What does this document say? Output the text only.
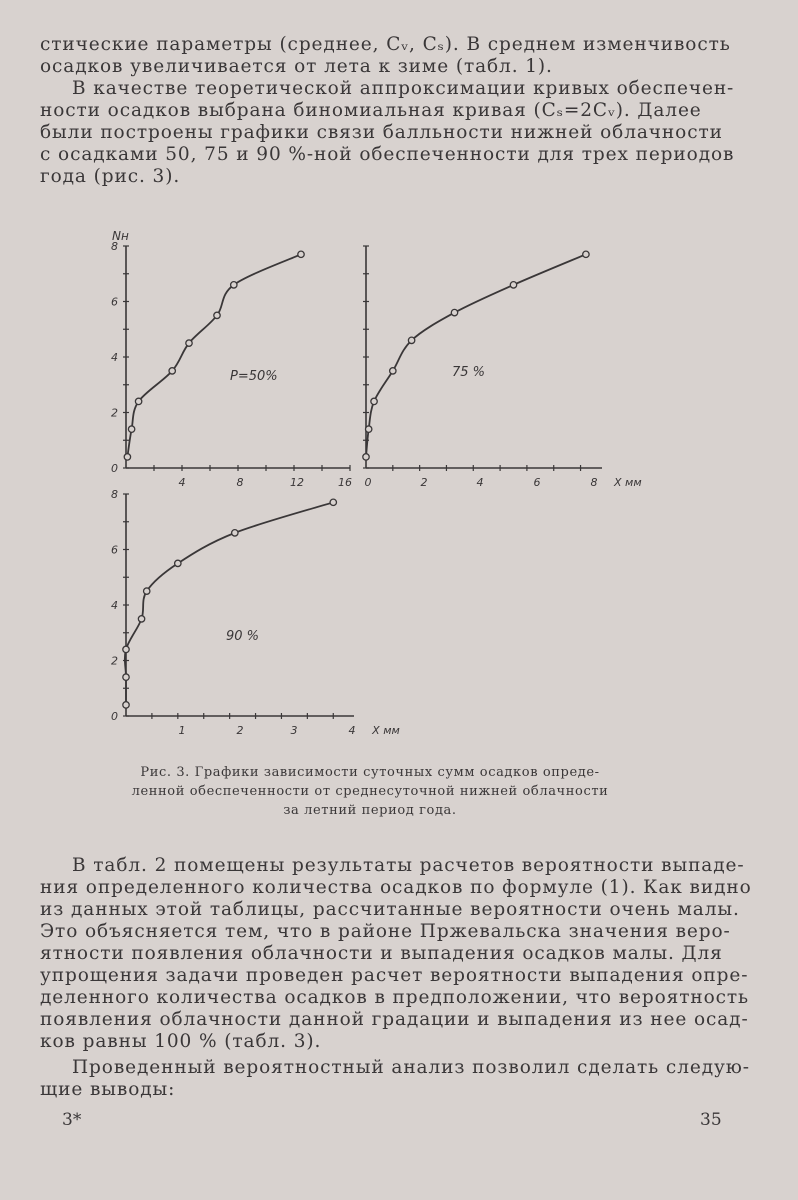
стические параметры (среднее, Cᵥ, Cₛ). В среднем изменчивость
осадков увеличивается от лета к зиме (табл. 1).

В качестве теоретической аппроксимации кривых обеспечен-
ности осадков выбрана биномиальная кривая (Cₛ=2Cᵥ). Далее
были построены графики связи балльности нижней облачности
с осадками 50, 75 и 90 %-ной обеспеченности для трех периодов
года (рис. 3).

Nн
0
2
4
6
8
4	8	12	16
P=50%
0	2	4	6	8 X мм
75 %
0
2
4
6
8
1	2	3	4 X мм
90 %

Рис. 3. Графики зависимости суточных сумм осадков опреде-
ленной обеспеченности от среднесуточной нижней облачности
за летний период года.

В табл. 2 помещены результаты расчетов вероятности выпаде-
ния определенного количества осадков по формуле (1). Как видно
из данных этой таблицы, рассчитанные вероятности очень малы.
Это объясняется тем, что в районе Пржевальска значения веро-
ятности появления облачности и выпадения осадков малы. Для
упрощения задачи проведен расчет вероятности выпадения опре-
деленного количества осадков в предположении, что вероятность
появления облачности данной градации и выпадения из нее осад-
ков равны 100 % (табл. 3).

Проведенный вероятностный анализ позволил сделать следую-
щие выводы:

3*	35
